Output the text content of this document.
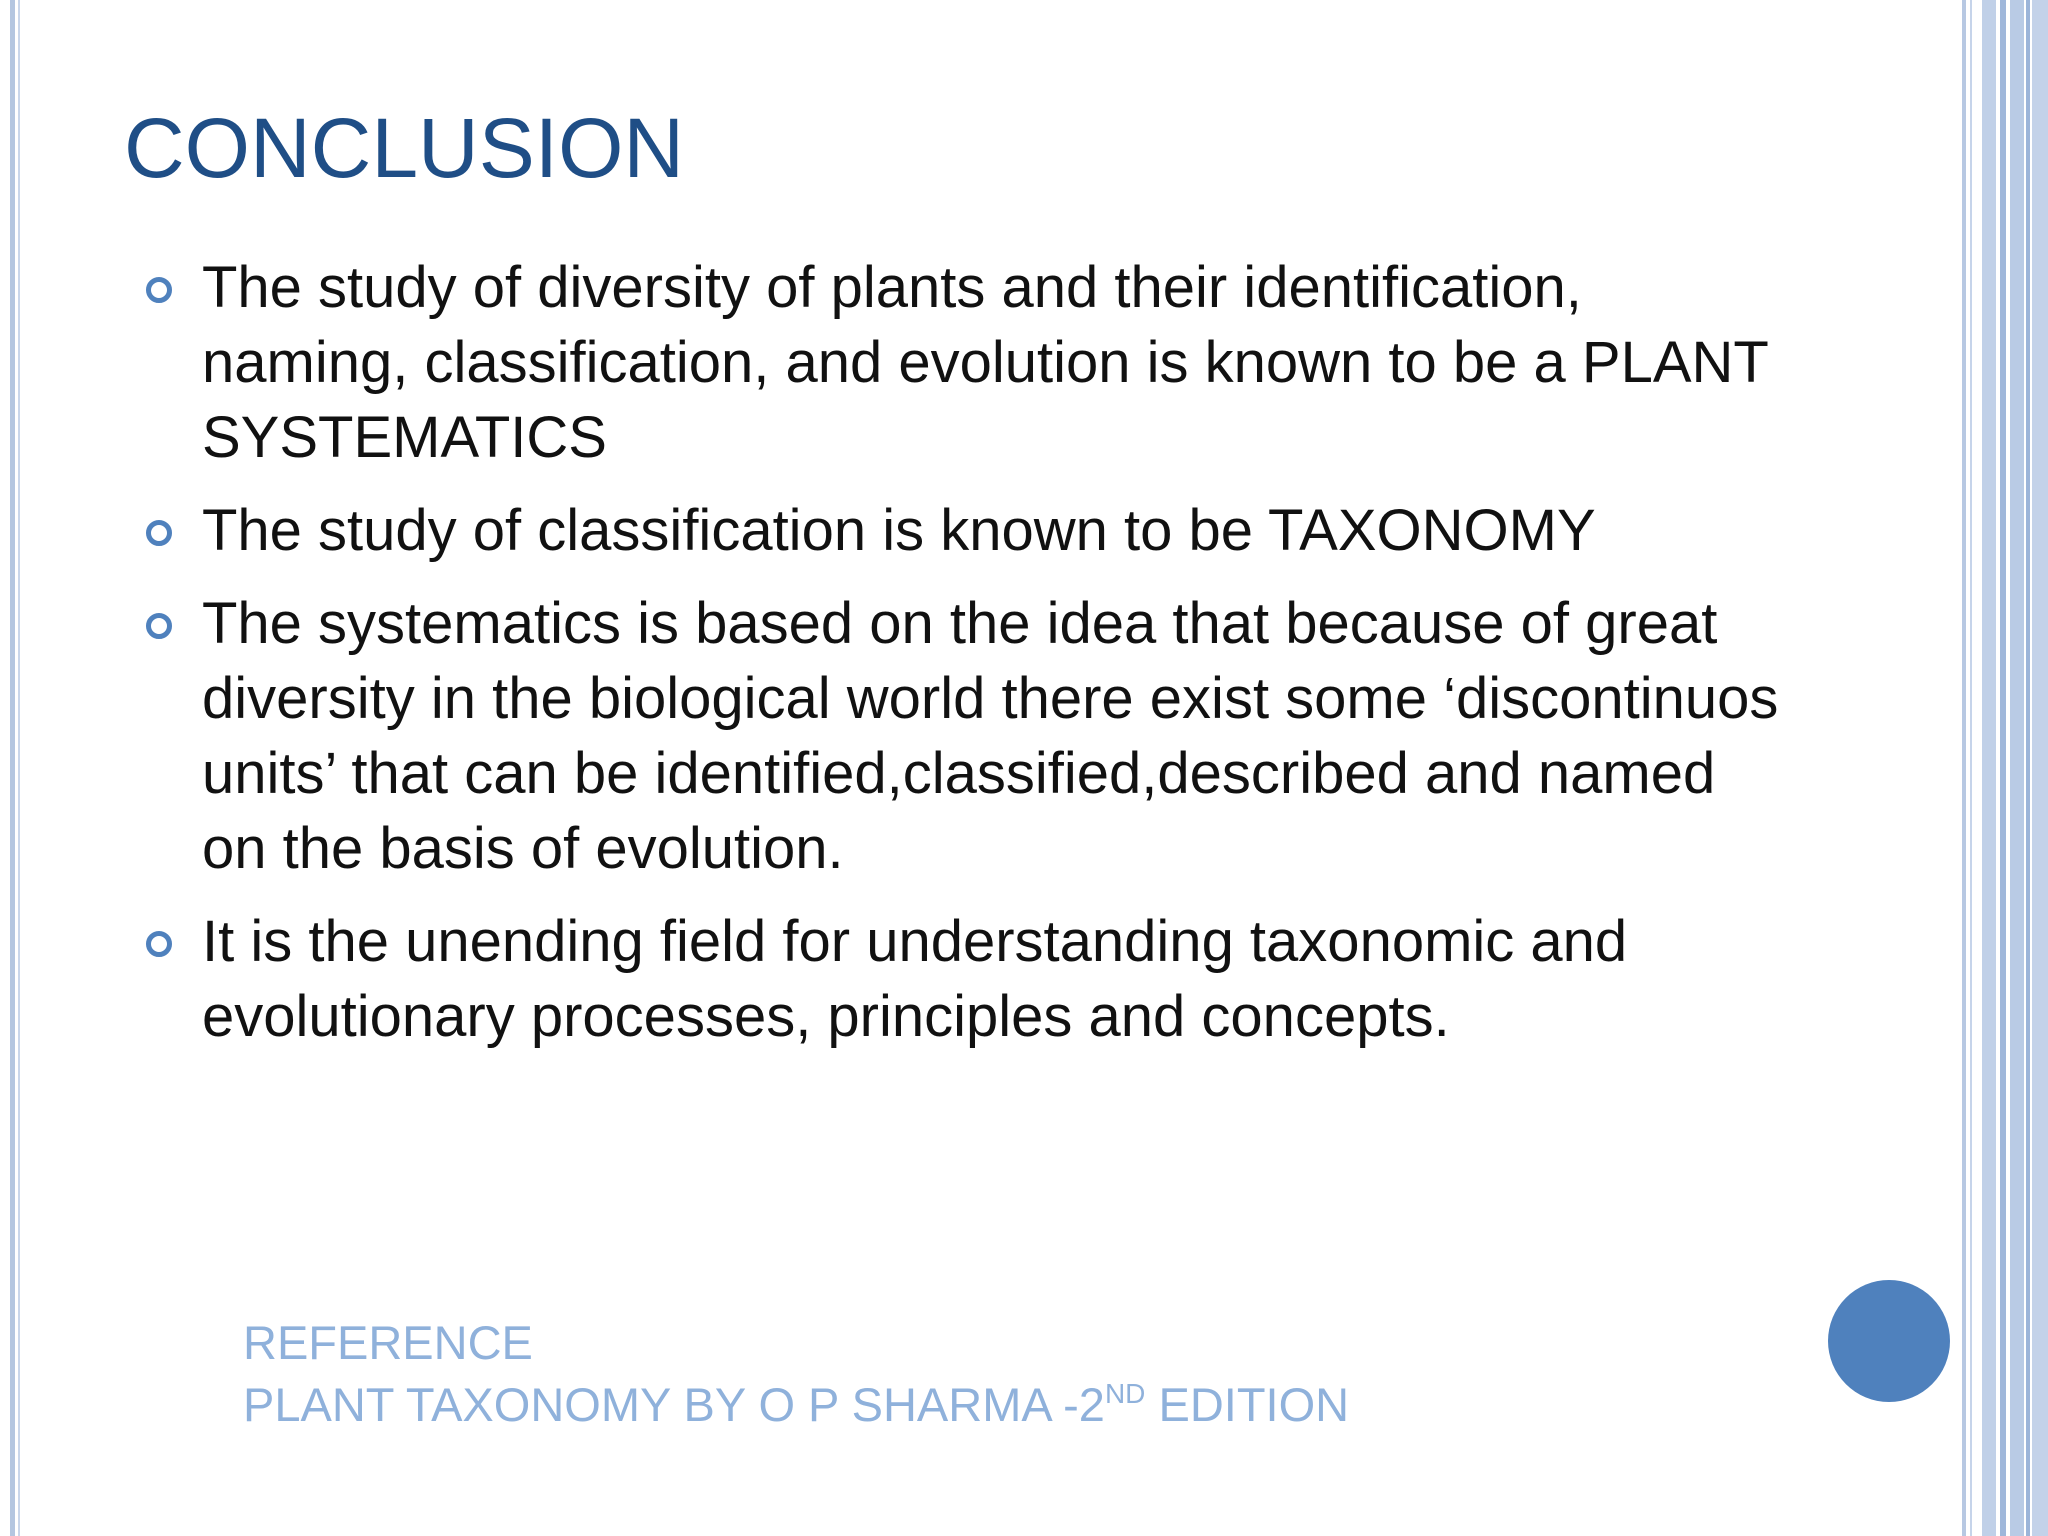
CONCLUSION
The study of diversity of plants and their identification, naming, classification, and evolution is known to be a PLANT SYSTEMATICS
The study of classification is known to be TAXONOMY
The systematics is based on the idea that because of great diversity in the biological world there exist some ‘discontinuos units’ that can be identified,classified,described and named on the basis of evolution.
It is the unending field for understanding taxonomic and evolutionary processes, principles and concepts.
REFERENCE
PLANT TAXONOMY BY O P SHARMA -2ND EDITION
